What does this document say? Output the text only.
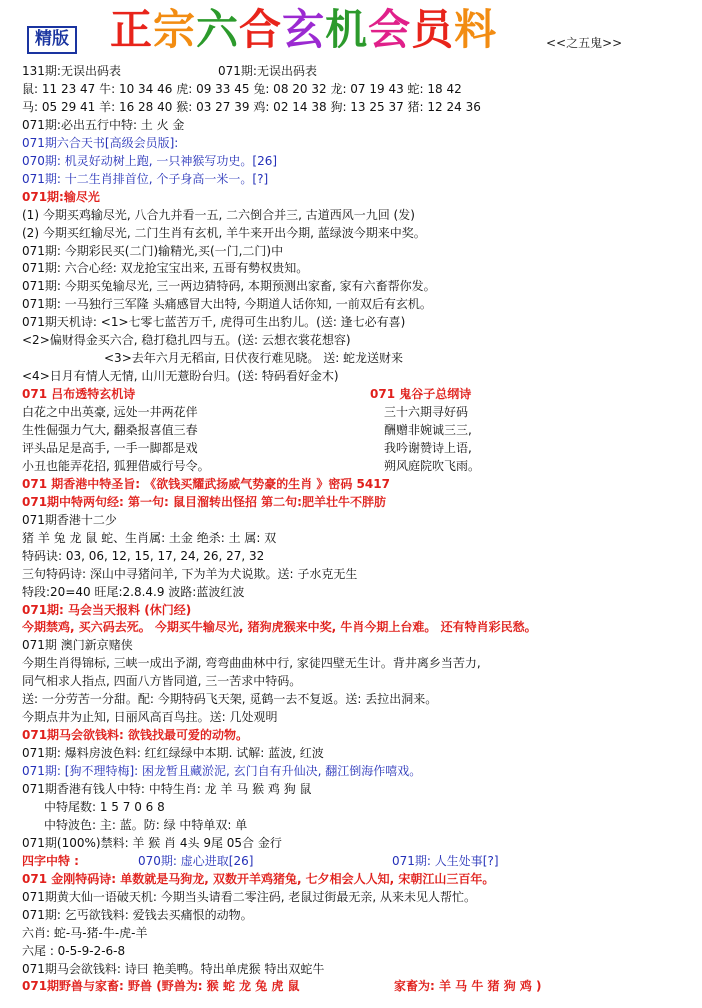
精版 正宗六合玄机会员料	<<之五鬼>>
131期:无误出码表	071期:无误出码表
鼠: 11 23 47 牛: 10 34 46 虎: 09 33 45 兔: 08 20 32 龙: 07 19 43 蛇: 18 42
马: 05 29 41 羊: 16 28 40 猴: 03 27 39 鸡: 02 14 38 狗: 13 25 37 猪: 12 24 36
071期:必出五行中特: 土 火 金
071期六合天书[高级会员版]:
070期: 机灵好动树上跑, 一只神猴写功史。[26]
071期: 十二生肖排首位, 个子身高一米一。[?]
071期:输尽光
(1) 今期买鸡输尽光, 八合九并看一五, 二六倒合并三, 古道西风一九回 (发)
(2) 今期买红输尽光, 二门生肖有玄机, 羊牛来开出今期, 蓝绿波今期来中奖。
071期: 今期彩民买(二门)输精光,买(一门,二门)中
071期: 六合心经: 双龙抢宝宝出来, 五哥有勢权贵知。
071期: 今期买兔输尽光, 三一两边猜特码, 本期预测出家畜, 家有六畜帮你发。
071期: 一马独行三军隆 头痛感冒大出特, 今期道人话你知, 一前双后有玄机。
071期天机诗: <1>七零七蓝苦万千, 虎得可生出豹儿。(送: 逢七必有喜)
<2>偏财得金买六合, 稳打稳扎四与五。(送: 云想衣裳花想容)
<3>去年六月无稻亩, 日伏夜行难见晓。 送: 蛇龙送财来
<4>日月有情人无情, 山川无薏盼台归。(送: 特码看好金木)
071 吕布透特玄机诗	071 鬼谷子总纲诗
白花之中出英豪, 远处一井两花伴	三十六期寻好码
生性倔强力气大, 翻桑报喜值三春	酬赠非婉诚三三,
评头品足是高手, 一手一脚都是戏	我吟谢赞诗上语,
小丑也能弄花招, 狐狸借威行号令。	朔风庭院吹飞雨。
071 期香港中特圣旨: 《欲钱买耀武扬威气势豪的生肖 》密码 5417
071期中特两句经: 第一句: 鼠目溜转出怪招 第二句:肥羊壮牛不胖肪
071期香港十二少
猪 羊 兔 龙 鼠 蛇、生肖属: 土金 绝杀: 土 属: 双
特码诀: 03, 06, 12, 15, 17, 24, 26, 27, 32
三句特码诗: 深山中寻猪问羊, 下为羊为犬说欺。送: 子水克无生
特段:20=40 旺尾:2.8.4.9 波路:蓝波红波
071期: 马会当天报料 (休门经)
今期禁鸡, 买六码去死。 今期买牛输尽光, 猪狗虎猴来中奖, 牛肖今期上台难。 还有特肖彩民愁。
071期 澳门新京赌侠
今期生肖得锦标, 三峡一成出予湖, 弯弯曲曲林中行, 家徒四壁无生计。背井离乡当苦力,
同气相求人指点, 四面八方皆同道, 三一苦求中特码。
送: 一分劳苦一分甜。配: 今期特码飞天架, 觅鹤一去不复返。送: 丢拉出洞来。
今期点井为止知, 日丽风高百鸟拄。送: 几处观明
071期马会欲钱料: 欲钱找最可爱的动物。
071期: 爆料房波色料: 红红绿绿中本期. 试解: 蓝波, 红波
071期: [狗不理特梅]: 困龙暂且藏淤泥, 玄门自有升仙决, 翻江倒海作嘻戏。
071期香港有钱人中特: 中特生肖: 龙 羊 马 猴 鸡 狗 鼠
中特尾数: 1 5 7 0 6 8
中特波色: 主: 蓝。防: 绿 中特单双: 单
071期(100%)禁料: 羊 猴 肖 4头 9尾 05合 金行
四字中特 :	070期: 虚心进取[26]	071期: 人生处事[?]
071 金刚特码诗: 单数就是马狗龙, 双数开羊鸡猪兔, 七夕相会人人知, 宋朝江山三百年。
071期黄大仙一语破天机: 今期当头请看二零注码, 老鼠过街最无亲, 从来未见人帮忙。
071期: 乞丐欲钱料: 爱钱去买痛恨的动物。
六肖: 蛇-马-猪-牛-虎-羊
六尾 : 0-5-9-2-6-8
071期马会欲钱料: 诗曰 艳美鸭。特出单虎猴 特出双蛇牛
071期野兽与家畜: 野兽 (野兽为: 猴 蛇 龙 兔 虎 鼠	家畜为: 羊 马 牛 猪 狗 鸡 )
